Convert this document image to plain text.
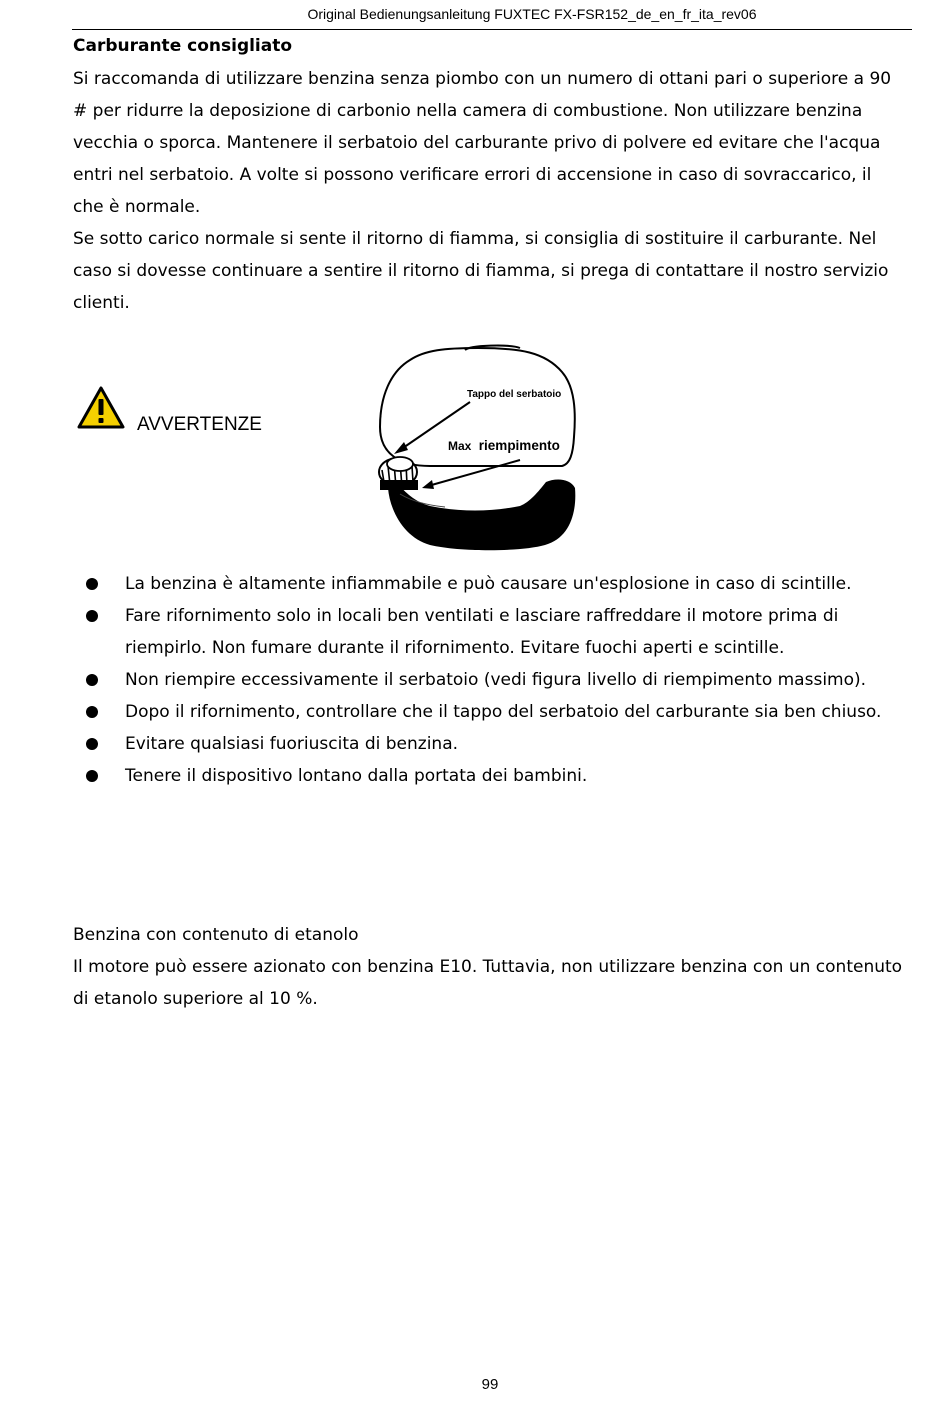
Original Bedienungsanleitung FUXTEC FX-FSR152_de_en_fr_ita_rev06
Carburante consigliato

Si raccomanda di utilizzare benzina senza piombo con un numero di ottani pari o superiore a 90 # per ridurre la deposizione di carbonio nella camera di combustione. Non utilizzare benzina vecchia o sporca. Mantenere il serbatoio del carburante privo di polvere ed evitare che l'acqua entri nel serbatoio. A volte si possono verificare errori di accensione in caso di sovraccarico, il che è normale.

Se sotto carico normale si sente il ritorno di fiamma, si consiglia di sostituire il carburante. Nel caso si dovesse continuare a sentire il ritorno di fiamma, si prega di contattare il nostro servizio clienti.

AVVERTENZE
Tappo del serbatoio
Max riempimento
La benzina è altamente infiammabile e può causare un'esplosione in caso di scintille.
Fare rifornimento solo in locali ben ventilati e lasciare raffreddare il motore prima di riempirlo. Non fumare durante il rifornimento. Evitare fuochi aperti e scintille.
Non riempire eccessivamente il serbatoio (vedi figura livello di riempimento massimo).
Dopo il rifornimento, controllare che il tappo del serbatoio del carburante sia ben chiuso.
Evitare qualsiasi fuoriuscita di benzina.
Tenere il dispositivo lontano dalla portata dei bambini.

Benzina con contenuto di etanolo

Il motore può essere azionato con benzina E10. Tuttavia, non utilizzare benzina con un contenuto di etanolo superiore al 10 %.

99
